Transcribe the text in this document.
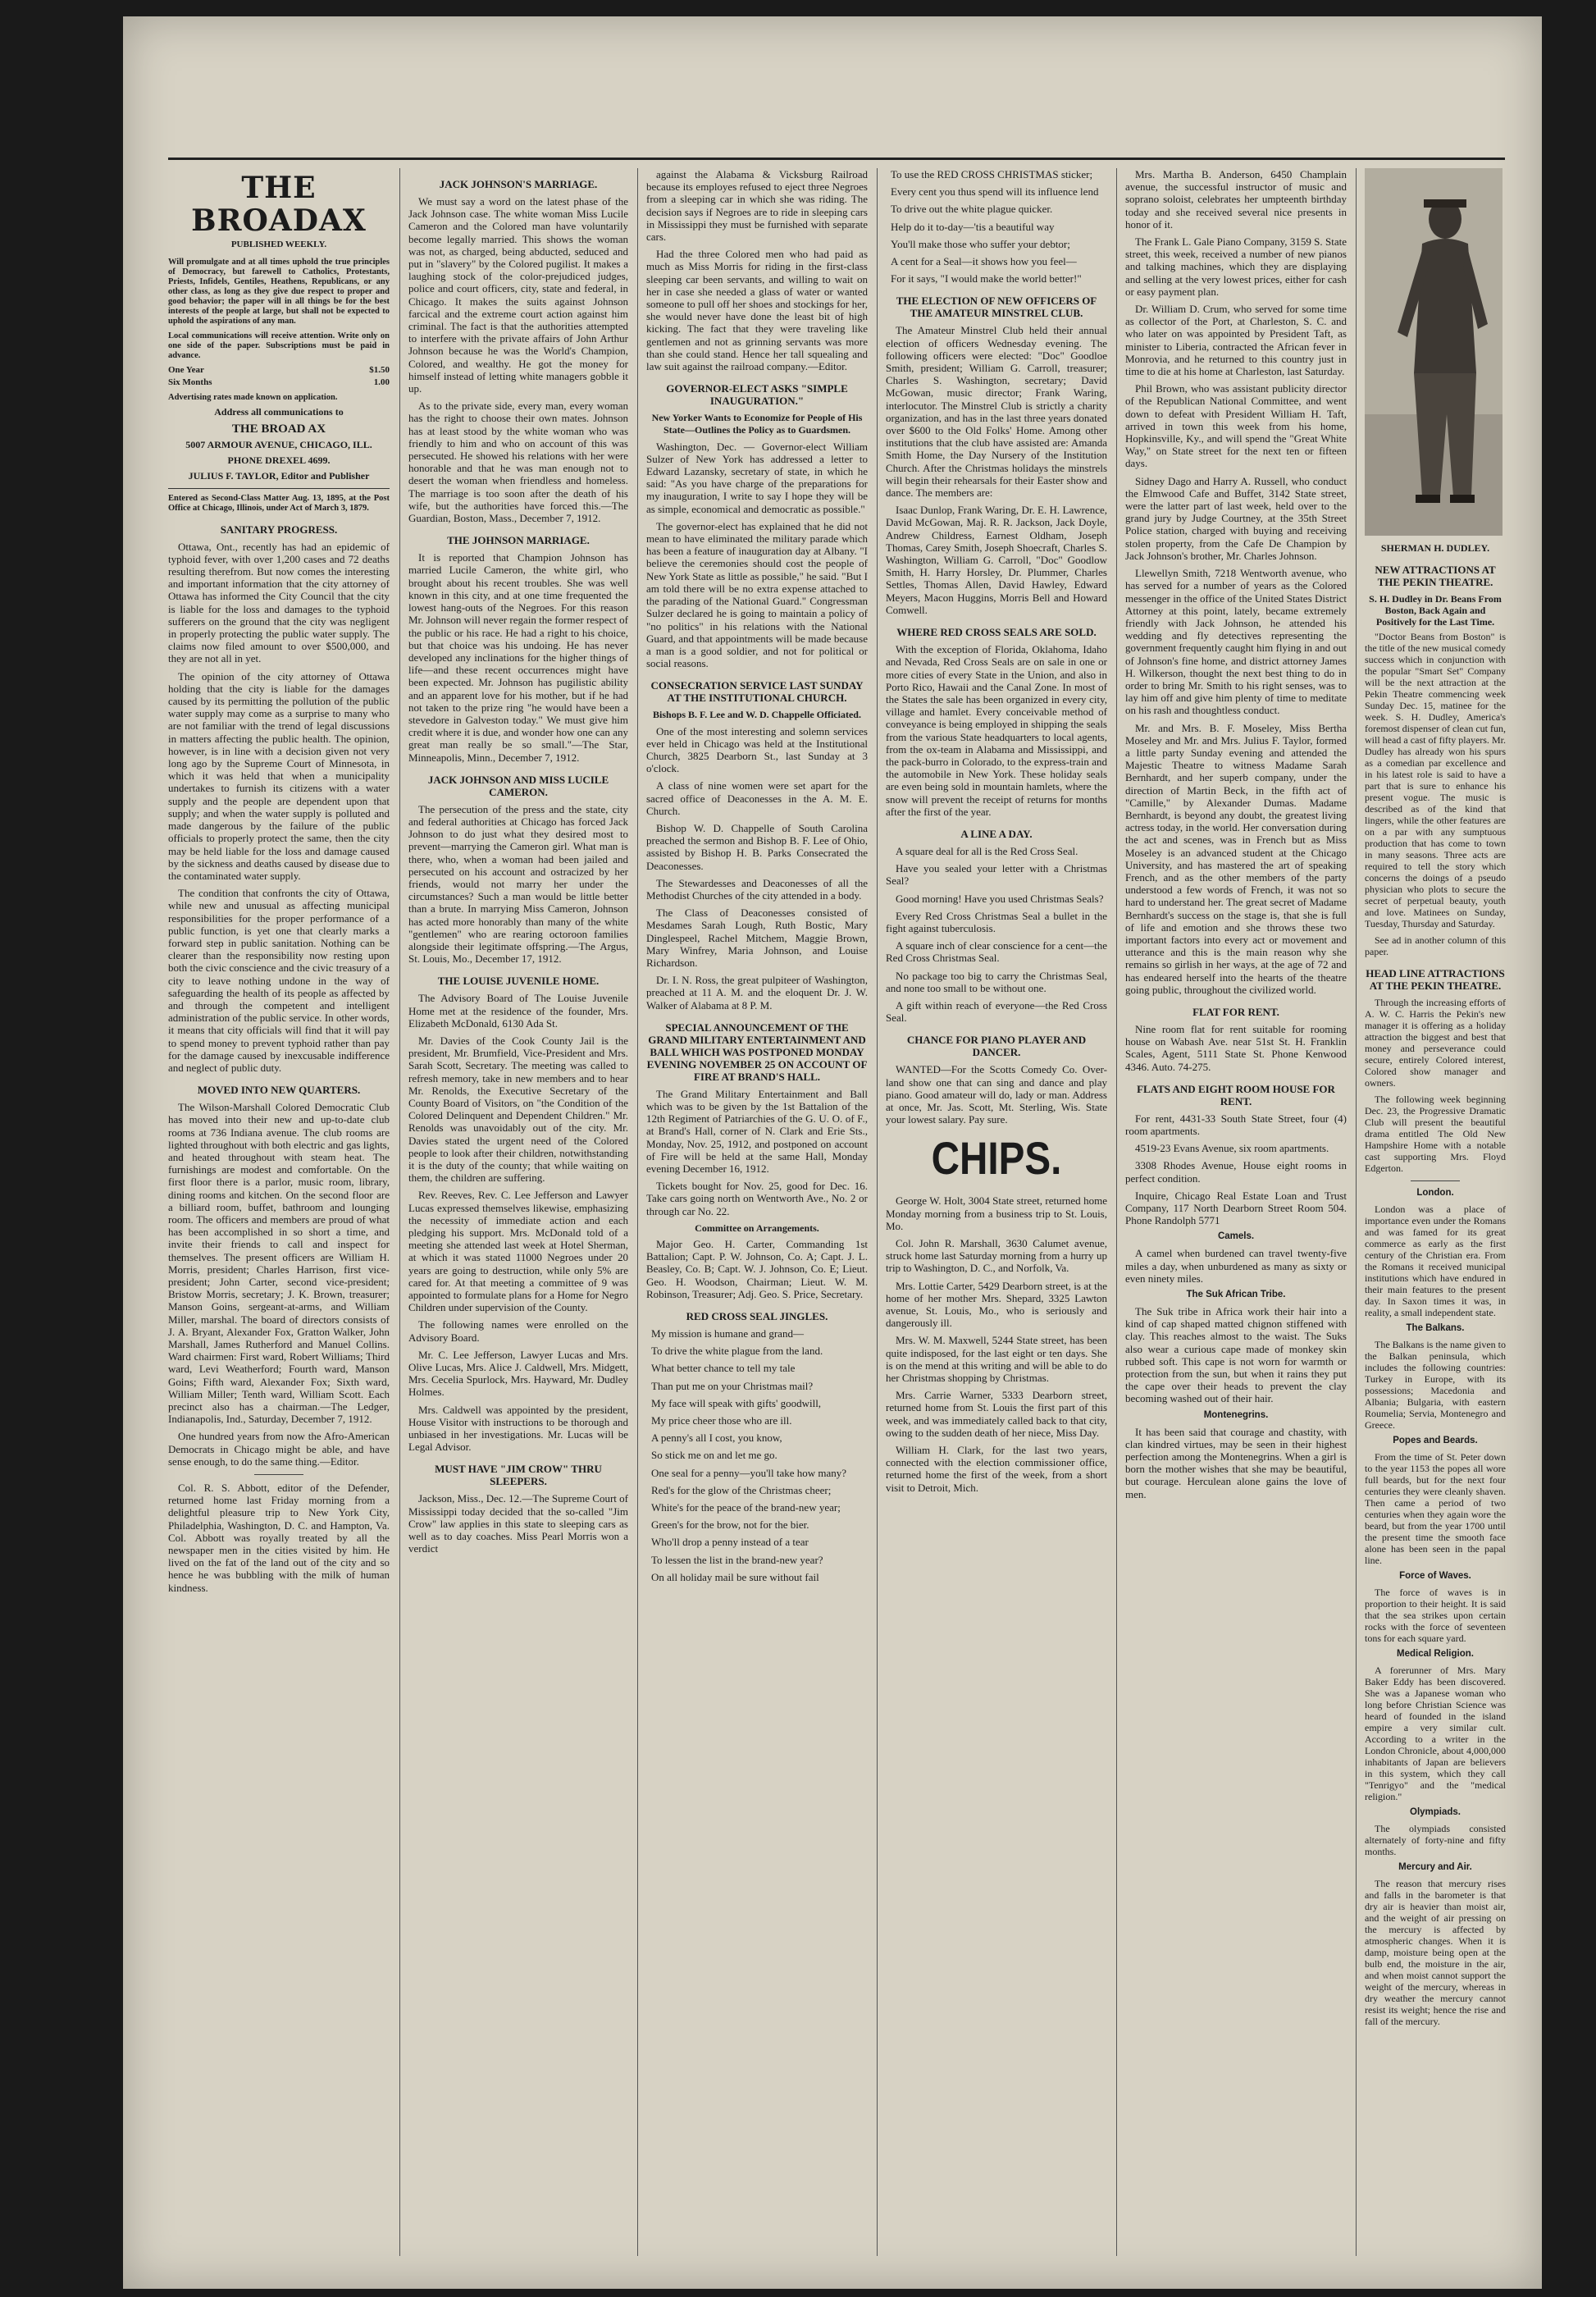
THE BROADAX
PUBLISHED WEEKLY.
Will promulgate and at all times uphold the true principles of Democracy, but farewell to Catholics, Protestants, Priests, Infidels, Gentiles, Heathens, Republicans, or any other class, as long as they give due respect to proper and good behavior; the paper will in all things be for the best interests of the people at large, but shall not be expected to uphold the aspirations of any man.
Local communications will receive attention. Write only on one side of the paper. Subscriptions must be paid in advance.
One Year	$1.50
Six Months	1.00
Advertising rates made known on application.
Address all communications to
THE BROAD AX
5007 ARMOUR AVENUE, CHICAGO, ILL.
PHONE DREXEL 4699.
JULIUS F. TAYLOR, Editor and Publisher
Entered as Second-Class Matter Aug. 13, 1895, at the Post Office at Chicago, Illinois, under Act of March 3, 1879.
SANITARY PROGRESS.

Ottawa, Ont., recently has had an epidemic of typhoid fever, with over 1,200 cases and 72 deaths resulting therefrom. But now comes the interesting and important information that the city attorney of Ottawa has informed the City Council that the city is liable for the loss and damages to the typhoid sufferers on the ground that the city was negligent in properly protecting the public water supply. The claims now filed amount to over $500,000, and they are not all in yet.

The opinion of the city attorney of Ottawa holding that the city is liable for the damages caused by its permitting the pollution of the public water supply may come as a surprise to many who are not familiar with the trend of legal discussions in matters affecting the public health. The opinion, however, is in line with a decision given not very long ago by the Supreme Court of Minnesota, in which it was held that when a municipality undertakes to furnish its citizens with a water supply and the people are dependent upon that supply; and when the water supply is polluted and made dangerous by the failure of the public officials to properly protect the same, then the city may be held liable for the loss and damage caused by the sickness and deaths caused by disease due to the contaminated water supply.

The condition that confronts the city of Ottawa, while new and unusual as affecting municipal responsibilities for the proper performance of a public function, is yet one that clearly marks a forward step in public sanitation. Nothing can be clearer than the responsibility now resting upon both the civic conscience and the civic treasury of a city to leave nothing undone in the way of safeguarding the health of its people as affected by and through the competent and intelligent administration of the public service. In other words, it means that city officials will find that it will pay to spend money to prevent typhoid rather than pay for the damage caused by inexcusable indifference and neglect of public duty.

MOVED INTO NEW QUARTERS.

The Wilson-Marshall Colored Democratic Club has moved into their new and up-to-date club rooms at 736 Indiana avenue. The club rooms are lighted throughout with both electric and gas lights, and heated throughout with steam heat. The furnishings are modest and comfortable. On the first floor there is a parlor, music room, library, dining rooms and kitchen. On the second floor are a billiard room, buffet, bathroom and lounging room. The officers and members are proud of what has been accomplished in so short a time, and invite their friends to call and inspect for themselves. The present officers are William H. Morris, president; Charles Harrison, first vice-president; John Carter, second vice-president; Bristow Morris, secretary; J. K. Brown, treasurer; Manson Goins, sergeant-at-arms, and William Miller, marshal. The board of directors consists of J. A. Bryant, Alexander Fox, Gratton Walker, John Marshall, James Rutherford and Manuel Collins. Ward chairmen: First ward, Robert Williams; Third ward, Levi Weatherford; Fourth ward, Manson Goins; Fifth ward, Alexander Fox; Sixth ward, William Miller; Tenth ward, William Scott. Each precinct also has a chairman.—The Ledger, Indianapolis, Ind., Saturday, December 7, 1912.

One hundred years from now the Afro-American Democrats in Chicago might be able, and have sense enough, to do the same thing.—Editor.

Col. R. S. Abbott, editor of the Defender, returned home last Friday morning from a delightful pleasure trip to New York City, Philadelphia, Washington, D. C. and Hampton, Va. Col. Abbott was royally treated by all the newspaper men in the cities visited by him. He lived on the fat of the land out of the city and so hence he was bubbling with the milk of human kindness.

JACK JOHNSON'S MARRIAGE.

We must say a word on the latest phase of the Jack Johnson case. The white woman Miss Lucile Cameron and the Colored man have voluntarily become legally married. This shows the woman was not, as charged, being abducted, seduced and put in "slavery" by the Colored pugilist. It makes a laughing stock of the color-prejudiced judges, police and court officers, city, state and federal, in Chicago. It makes the suits against Johnson farcical and the extreme court action against him criminal. The fact is that the authorities attempted to interfere with the private affairs of John Arthur Johnson because he was the World's Champion, Colored, and wealthy. He got the money for himself instead of letting white managers gobble it up.

As to the private side, every man, every woman has the right to choose their own mates. Johnson has at least stood by the white woman who was friendly to him and who on account of this was persecuted. He showed his relations with her were honorable and that he was man enough not to desert the woman when friendless and homeless. The marriage is too soon after the death of his wife, but the authorities have forced this.—The Guardian, Boston, Mass., December 7, 1912.

THE JOHNSON MARRIAGE.

It is reported that Champion Johnson has married Lucile Cameron, the white girl, who brought about his recent troubles. She was well known in this city, and at one time frequented the lowest hang-outs of the Negroes. For this reason Mr. Johnson will never regain the former respect of the public or his race. He had a right to his choice, but that choice was his undoing. He has never developed any inclinations for the higher things of life—and these recent occurrences might have been expected. Mr. Johnson has pugilistic ability and an apparent love for his mother, but if he had not taken to the prize ring "he would have been a stevedore in Galveston today." We must give him credit where it is due, and wonder how one can any great man really be so small."—The Star, Minneapolis, Minn., December 7, 1912.

JACK JOHNSON AND MISS LUCILE CAMERON.

The persecution of the press and the state, city and federal authorities at Chicago has forced Jack Johnson to do just what they desired most to prevent—marrying the Cameron girl. What man is there, who, when a woman had been jailed and persecuted on his account and ostracized by her friends, would not marry her under the circumstances? Such a man would be little better than a brute. In marrying Miss Cameron, Johnson has acted more honorably than many of the white "gentlemen" who are rearing octoroon families alongside their legitimate offspring.—The Argus, St. Louis, Mo., December 17, 1912.

THE LOUISE JUVENILE HOME.

The Advisory Board of The Louise Juvenile Home met at the residence of the founder, Mrs. Elizabeth McDonald, 6130 Ada St.

Mr. Davies of the Cook County Jail is the president, Mr. Brumfield, Vice-President and Mrs. Sarah Scott, Secretary. The meeting was called to refresh memory, take in new members and to hear Mr. Renolds, the Executive Secretary of the County Board of Visitors, on "the Condition of the Colored Delinquent and Dependent Children." Mr. Renolds was unavoidably out of the city. Mr. Davies stated the urgent need of the Colored people to look after their children, notwithstanding it is the duty of the county; that while waiting on them, the children are suffering.

Rev. Reeves, Rev. C. Lee Jefferson and Lawyer Lucas expressed themselves likewise, emphasizing the necessity of immediate action and each pledging his support. Mrs. McDonald told of a meeting she attended last week at Hotel Sherman, at which it was stated 11000 Negroes under 20 years are going to destruction, while only 5% are cared for. At that meeting a committee of 9 was appointed to formulate plans for a Home for Negro Children under supervision of the County.

The following names were enrolled on the Advisory Board.

Mr. C. Lee Jefferson, Lawyer Lucas and Mrs. Olive Lucas, Mrs. Alice J. Caldwell, Mrs. Midgett, Mrs. Cecelia Spurlock, Mrs. Hayward, Mr. Dudley Holmes.

Mrs. Caldwell was appointed by the president, House Visitor with instructions to be thorough and unbiased in her investigations. Mr. Lucas will be Legal Advisor.

MUST HAVE "JIM CROW" THRU SLEEPERS.

Jackson, Miss., Dec. 12.—The Supreme Court of Mississippi today decided that the so-called "Jim Crow" law applies in this state to sleeping cars as well as to day coaches. Miss Pearl Morris won a verdict

against the Alabama & Vicksburg Railroad because its employes refused to eject three Negroes from a sleeping car in which she was riding. The decision says if Negroes are to ride in sleeping cars in Mississippi they must be furnished with separate cars.

Had the three Colored men who had paid as much as Miss Morris for riding in the first-class sleeping car been servants, and willing to wait on her in case she needed a glass of water or wanted someone to pull off her shoes and stockings for her, she would never have done the least bit of high kicking. The fact that they were traveling like gentlemen and not as grinning servants was more than she could stand. Hence her tall squealing and law suit against the railroad company.—Editor.

GOVERNOR-ELECT ASKS "SIMPLE INAUGURATION."
New Yorker Wants to Economize for People of His State—Outlines the Policy as to Guardsmen.

Washington, Dec. — Governor-elect William Sulzer of New York has addressed a letter to Edward Lazansky, secretary of state, in which he said: "As you have charge of the preparations for my inauguration, I write to say I hope they will be as simple, economical and democratic as possible."

The governor-elect has explained that he did not mean to have eliminated the military parade which has been a feature of inauguration day at Albany. "I believe the ceremonies should cost the people of New York State as little as possible," he said. "But I am told there will be no extra expense attached to the parading of the National Guard." Congressman Sulzer declared he is going to maintain a policy of "no politics" in his relations with the National Guard, and that appointments will be made because a man is a good soldier, and not for political or social reasons.

CONSECRATION SERVICE LAST SUNDAY AT THE INSTITUTIONAL CHURCH.
Bishops B. F. Lee and W. D. Chappelle Officiated.

One of the most interesting and solemn services ever held in Chicago was held at the Institutional Church, 3825 Dearborn St., last Sunday at 3 o'clock.

A class of nine women were set apart for the sacred office of Deaconesses in the A. M. E. Church.

Bishop W. D. Chappelle of South Carolina preached the sermon and Bishop B. F. Lee of Ohio, assisted by Bishop H. B. Parks Consecrated the Deaconesses.

The Stewardesses and Deaconesses of all the Methodist Churches of the city attended in a body.

The Class of Deaconesses consisted of Mesdames Sarah Lough, Ruth Bostic, Mary Dinglespeel, Rachel Mitchem, Maggie Brown, Mary Winfrey, Maria Johnson, and Louise Richardson.

Dr. I. N. Ross, the great pulpiteer of Washington, preached at 11 A. M. and the eloquent Dr. J. W. Walker of Alabama at 8 P. M.

SPECIAL ANNOUNCEMENT OF THE GRAND MILITARY ENTERTAINMENT AND BALL WHICH WAS POSTPONED MONDAY EVENING NOVEMBER 25 ON ACCOUNT OF FIRE AT BRAND'S HALL.

The Grand Military Entertainment and Ball which was to be given by the 1st Battalion of the 12th Regiment of Patriarchies of the G. U. O. of F., at Brand's Hall, corner of N. Clark and Erie Sts., Monday, Nov. 25, 1912, and postponed on account of Fire will be held at the same Hall, Monday evening December 16, 1912.

Tickets bought for Nov. 25, good for Dec. 16. Take cars going north on Wentworth Ave., No. 2 or through car No. 22.

Committee on Arrangements.

Major Geo. H. Carter, Commanding 1st Battalion; Capt. P. W. Johnson, Co. A; Capt. J. L. Beasley, Co. B; Capt. W. J. Johnson, Co. E; Lieut. Geo. H. Woodson, Chairman; Lieut. W. M. Robinson, Treasurer; Adj. Geo. S. Price, Secretary.

RED CROSS SEAL JINGLES.

My mission is humane and grand—

To drive the white plague from the land.

What better chance to tell my tale

Than put me on your Christmas mail?

My face will speak with gifts' goodwill,

My price cheer those who are ill.

A penny's all I cost, you know,

So stick me on and let me go.

One seal for a penny—you'll take how many?

Red's for the glow of the Christmas cheer;

White's for the peace of the brand-new year;

Green's for the brow, not for the bier.

Who'll drop a penny instead of a tear

To lessen the list in the brand-new year?

On all holiday mail be sure without fail

To use the RED CROSS CHRISTMAS sticker;

Every cent you thus spend will its influence lend

To drive out the white plague quicker.

Help do it to-day—'tis a beautiful way

You'll make those who suffer your debtor;

A cent for a Seal—it shows how you feel—

For it says, "I would make the world better!"

THE ELECTION OF NEW OFFICERS OF THE AMATEUR MINSTREL CLUB.

The Amateur Minstrel Club held their annual election of officers Wednesday evening. The following officers were elected: "Doc" Goodloe Smith, president; William G. Carroll, treasurer; Charles S. Washington, secretary; David McGowan, music director; Frank Waring, interlocutor. The Minstrel Club is strictly a charity organization, and has in the last three years donated over $600 to the Old Folks' Home. Among other institutions that the club have assisted are: Amanda Smith Home, the Day Nursery of the Institution Church. After the Christmas holidays the minstrels will begin their rehearsals for their Easter show and dance. The members are:

Isaac Dunlop, Frank Waring, Dr. E. H. Lawrence, David McGowan, Maj. R. R. Jackson, Jack Doyle, Andrew Childress, Earnest Oldham, Joseph Thomas, Carey Smith, Joseph Shoecraft, Charles S. Washington, William G. Carroll, "Doc" Goodlow Smith, H. Harry Horsley, Dr. Plummer, Charles Settles, Thomas Allen, David Hawley, Edward Meyers, Macon Huggins, Morris Bell and Howard Comwell.

WHERE RED CROSS SEALS ARE SOLD.

With the exception of Florida, Oklahoma, Idaho and Nevada, Red Cross Seals are on sale in one or more cities of every State in the Union, and also in Porto Rico, Hawaii and the Canal Zone. In most of the States the sale has been organized in every city, village and hamlet. Every conceivable method of conveyance is being employed in shipping the seals from the various State headquarters to local agents, from the ox-team in Alabama and Mississippi, and the pack-burro in Colorado, to the express-train and the automobile in New York. These holiday seals are even being sold in mountain hamlets, where the snow will prevent the receipt of returns for months after the first of the year.

A LINE A DAY.

A square deal for all is the Red Cross Seal.

Have you sealed your letter with a Christmas Seal?

Good morning! Have you used Christmas Seals?

Every Red Cross Christmas Seal a bullet in the fight against tuberculosis.

A square inch of clear conscience for a cent—the Red Cross Christmas Seal.

No package too big to carry the Christmas Seal, and none too small to be without one.

A gift within reach of everyone—the Red Cross Seal.

CHANCE FOR PIANO PLAYER AND DANCER.

WANTED—For the Scotts Comedy Co. Over-land show one that can sing and dance and play piano. Good amateur will do, lady or man. Address at once, Mr. Jas. Scott, Mt. Sterling, Wis. State your lowest salary. Pay sure.

CHIPS.

George W. Holt, 3004 State street, returned home Monday morning from a business trip to St. Louis, Mo.

Col. John R. Marshall, 3630 Calumet avenue, struck home last Saturday morning from a hurry up trip to Washington, D. C., and Norfolk, Va.

Mrs. Lottie Carter, 5429 Dearborn street, is at the home of her mother Mrs. Shepard, 3325 Lawton avenue, St. Louis, Mo., who is seriously and dangerously ill.

Mrs. W. M. Maxwell, 5244 State street, has been quite indisposed, for the last eight or ten days. She is on the mend at this writing and will be able to do her Christmas shopping by Christmas.

Mrs. Carrie Warner, 5333 Dearborn street, returned home from St. Louis the first part of this week, and was immediately called back to that city, owing to the sudden death of her niece, Miss Day.

William H. Clark, for the last two years, connected with the election commissioner office, returned home the first of the week, from a short visit to Detroit, Mich.

Mrs. Martha B. Anderson, 6450 Champlain avenue, the successful instructor of music and soprano soloist, celebrates her umpteenth birthday today and she received several nice presents in honor of it.

The Frank L. Gale Piano Company, 3159 S. State street, this week, received a number of new pianos and talking machines, which they are displaying and selling at the very lowest prices, either for cash or easy payment plan.

Dr. William D. Crum, who served for some time as collector of the Port, at Charleston, S. C. and who later on was appointed by President Taft, as minister to Liberia, contracted the African fever in Monrovia, and he returned to this country just in time to die at his home at Charleston, last Saturday.

Phil Brown, who was assistant publicity director of the Republican National Committee, and went down to defeat with President William H. Taft, arrived in town this week from his home, Hopkinsville, Ky., and will spend the "Great White Way," on State street for the next ten or fifteen days.

Sidney Dago and Harry A. Russell, who conduct the Elmwood Cafe and Buffet, 3142 State street, were the latter part of last week, held over to the grand jury by Judge Courtney, at the 35th Street Police station, charged with buying and receiving stolen property, from the Cafe De Champion by Jack Johnson's brother, Mr. Charles Johnson.

Llewellyn Smith, 7218 Wentworth avenue, who has served for a number of years as the Colored messenger in the office of the United States District Attorney at this point, lately, became extremely friendly with Jack Johnson, he attended his wedding and fly detectives representing the government frequently caught him flying in and out of Johnson's fine home, and district attorney James H. Wilkerson, thought the next best thing to do in order to bring Mr. Smith to his right senses, was to lay him off and give him plenty of time to meditate on his rash and thoughtless conduct.

Mr. and Mrs. B. F. Moseley, Miss Bertha Moseley and Mr. and Mrs. Julius F. Taylor, formed a little party Sunday evening and attended the Majestic Theatre to witness Madame Sarah Bernhardt, and her superb company, under the direction of Martin Beck, in the fifth act of "Camille," by Alexander Dumas. Madame Bernhardt, is beyond any doubt, the greatest living actress today, in the world. Her conversation during the act and scenes, was in French but as Miss Moseley is an advanced student at the Chicago University, and has mastered the art of speaking French, and as the other members of the party understood a few words of French, it was not so hard to understand her. The great secret of Madame Bernhardt's success on the stage is, that she is full of life and emotion and she throws these two important factors into every act or movement and utterance and this is the main reason why she remains so girlish in her ways, at the age of 72 and has endeared herself into the hearts of the theatre going public, throughout the civilized world.

FLAT FOR RENT.

Nine room flat for rent suitable for rooming house on Wabash Ave. near 51st St. H. Franklin Scales, Agent, 5111 State St. Phone Kenwood 4346. Auto. 74-275.

FLATS AND EIGHT ROOM HOUSE FOR RENT.

For rent, 4431-33 South State Street, four (4) room apartments.

4519-23 Evans Avenue, six room apartments.

3308 Rhodes Avenue, House eight rooms in perfect condition.

Inquire, Chicago Real Estate Loan and Trust Company, 117 North Dearborn Street Room 504. Phone Randolph 5771

Camels.

A camel when burdened can travel twenty-five miles a day, when unburdened as many as sixty or even ninety miles.

The Suk African Tribe.

The Suk tribe in Africa work their hair into a kind of cap shaped matted chignon stiffened with clay. This reaches almost to the waist. The Suks also wear a curious cape made of monkey skin rubbed soft. This cape is not worn for warmth or protection from the sun, but when it rains they put the cape over their heads to prevent the clay becoming washed out of their hair.

Montenegrins.

It has been said that courage and chastity, with clan kindred virtues, may be seen in their highest perfection among the Montenegrins. When a girl is born the mother wishes that she may be beautiful, but courage. Herculean alone gains the love of men.

SHERMAN H. DUDLEY.
NEW ATTRACTIONS AT THE PEKIN THEATRE.
S. H. Dudley in Dr. Beans From Boston, Back Again and Positively for the Last Time.

"Doctor Beans from Boston" is the title of the new musical comedy success which in conjunction with the popular "Smart Set" Company will be the next attraction at the Pekin Theatre commencing week Sunday Dec. 15, matinee for the week. S. H. Dudley, America's foremost dispenser of clean cut fun, will head a cast of fifty players. Mr. Dudley has already won his spurs as a comedian par excellence and in his latest role is said to have a part that is sure to enhance his present vogue. The music is described as of the kind that lingers, while the other features are on a par with any sumptuous production that has come to town in many seasons. Three acts are required to tell the story which concerns the doings of a pseudo physician who plots to secure the secret of perpetual beauty, youth and love. Matinees on Sunday, Tuesday, Thursday and Saturday.

See ad in another column of this paper.

HEAD LINE ATTRACTIONS AT THE PEKIN THEATRE.

Through the increasing efforts of A. W. C. Harris the Pekin's new manager it is offering as a holiday attraction the biggest and best that money and perseverance could secure, entirely Colored interest, Colored show manager and owners.

The following week beginning Dec. 23, the Progressive Dramatic Club will present the beautiful drama entitled The Old New Hampshire Home with a notable cast supporting Mrs. Floyd Edgerton.

London.

London was a place of importance even under the Romans and was famed for its great commerce as early as the first century of the Christian era. From the Romans it received municipal institutions which have endured in their main features to the present day. In Saxon times it was, in reality, a small independent state.

The Balkans.

The Balkans is the name given to the Balkan peninsula, which includes the following countries: Turkey in Europe, with its possessions; Macedonia and Albania; Bulgaria, with eastern Roumelia; Servia, Montenegro and Greece.

Popes and Beards.

From the time of St. Peter down to the year 1153 the popes all wore full beards, but for the next four centuries they were cleanly shaven. Then came a period of two centuries when they again wore the beard, but from the year 1700 until the present time the smooth face alone has been seen in the papal line.

Force of Waves.

The force of waves is in proportion to their height. It is said that the sea strikes upon certain rocks with the force of seventeen tons for each square yard.

Medical Religion.

A forerunner of Mrs. Mary Baker Eddy has been discovered. She was a Japanese woman who long before Christian Science was heard of founded in the island empire a very similar cult. According to a writer in the London Chronicle, about 4,000,000 inhabitants of Japan are believers in this system, which they call "Tenrigyo" and the "medical religion."

Olympiads.

The olympiads consisted alternately of forty-nine and fifty months.

Mercury and Air.

The reason that mercury rises and falls in the barometer is that dry air is heavier than moist air, and the weight of air pressing on the mercury is affected by atmospheric changes. When it is damp, moisture being open at the bulb end, the moisture in the air, and when moist cannot support the weight of the mercury, whereas in dry weather the mercury cannot resist its weight; hence the rise and fall of the mercury.
